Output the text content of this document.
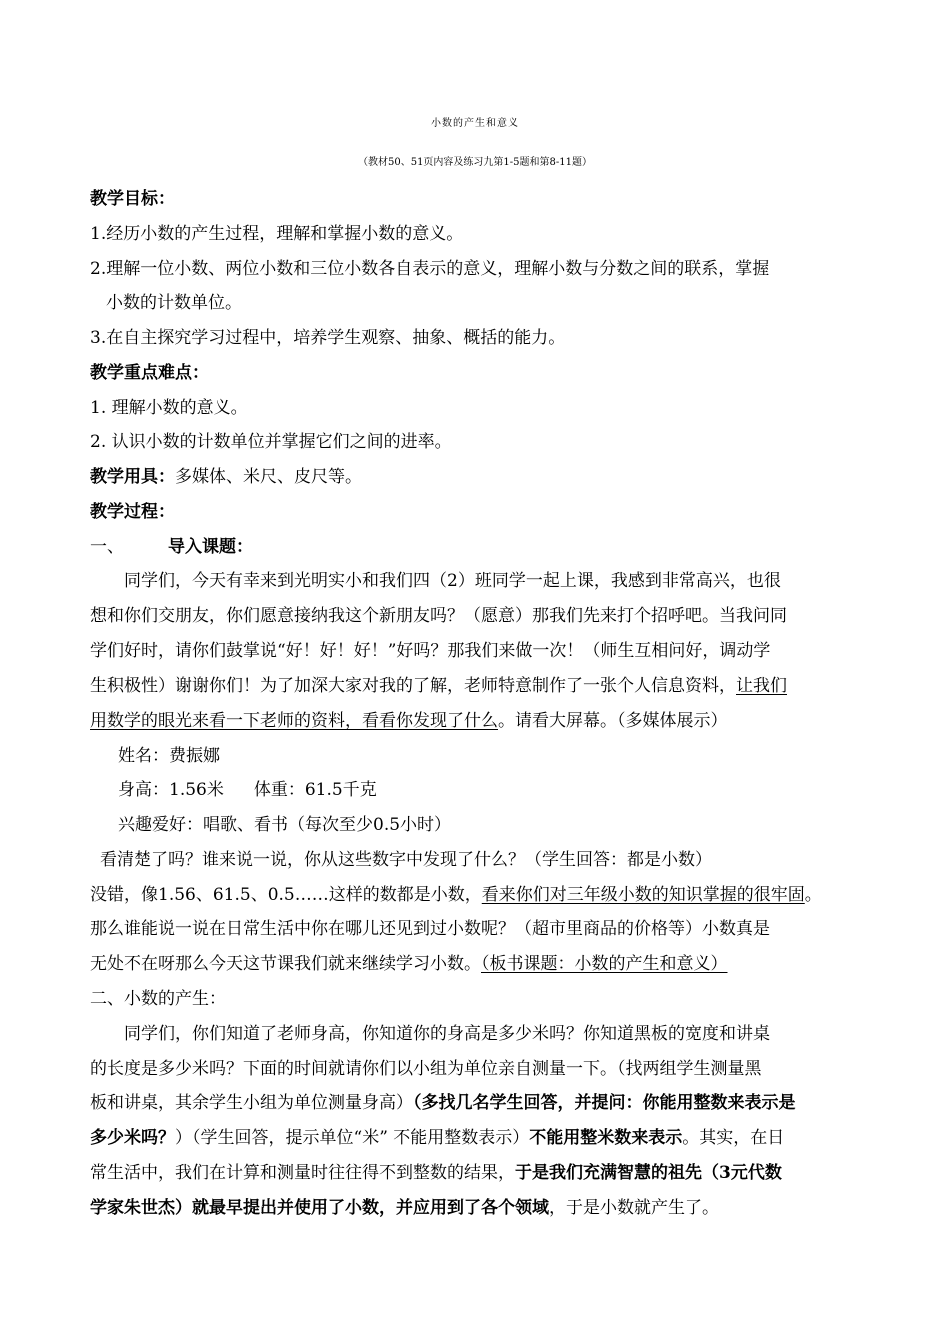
小数的产生和意义
（教材50、51页内容及练习九第1-5题和第8-11题）
教学目标：
1.经历小数的产生过程，理解和掌握小数的意义。
2.理解一位小数、两位小数和三位小数各自表示的意义，理解小数与分数之间的联系，掌握
小数的计数单位。
3.在自主探究学习过程中，培养学生观察、抽象、概括的能力。
教学重点难点：
1. 理解小数的意义。
2. 认识小数的计数单位并掌握它们之间的进率。
教学用具：多媒体、米尺、皮尺等。
教学过程：
一、	导入课题：
同学们，今天有幸来到光明实小和我们四（2）班同学一起上课，我感到非常高兴，也很
想和你们交朋友，你们愿意接纳我这个新朋友吗？（愿意）那我们先来打个招呼吧。当我问同
学们好时，请你们鼓掌说“好！好！好！”好吗？那我们来做一次！（师生互相问好，调动学
生积极性）谢谢你们！为了加深大家对我的了解，老师特意制作了一张个人信息资料，让我们
用数学的眼光来看一下老师的资料，看看你发现了什么。请看大屏幕。（多媒体展示）
姓名：费振娜
身高：1.56米 体重：61.5千克
兴趣爱好：唱歌、看书（每次至少0.5小时）
看清楚了吗？谁来说一说，你从这些数字中发现了什么？（学生回答：都是小数）
没错，像1.56、61.5、0.5……这样的数都是小数，看来你们对三年级小数的知识掌握的很牢固。
那么谁能说一说在日常生活中你在哪儿还见到过小数呢？（超市里商品的价格等）小数真是
无处不在呀那么今天这节课我们就来继续学习小数。（板书课题：小数的产生和意义）
二、小数的产生：
同学们，你们知道了老师身高，你知道你的身高是多少米吗？你知道黑板的宽度和讲桌
的长度是多少米吗？下面的时间就请你们以小组为单位亲自测量一下。（找两组学生测量黑
板和讲桌，其余学生小组为单位测量身高）（多找几名学生回答，并提问：你能用整数来表示是
多少米吗？）（学生回答，提示单位“米” 不能用整数表示）不能用整米数来表示。其实，在日
常生活中，我们在计算和测量时往往得不到整数的结果，于是我们充满智慧的祖先（3元代数
学家朱世杰）就最早提出并使用了小数，并应用到了各个领域，于是小数就产生了。
